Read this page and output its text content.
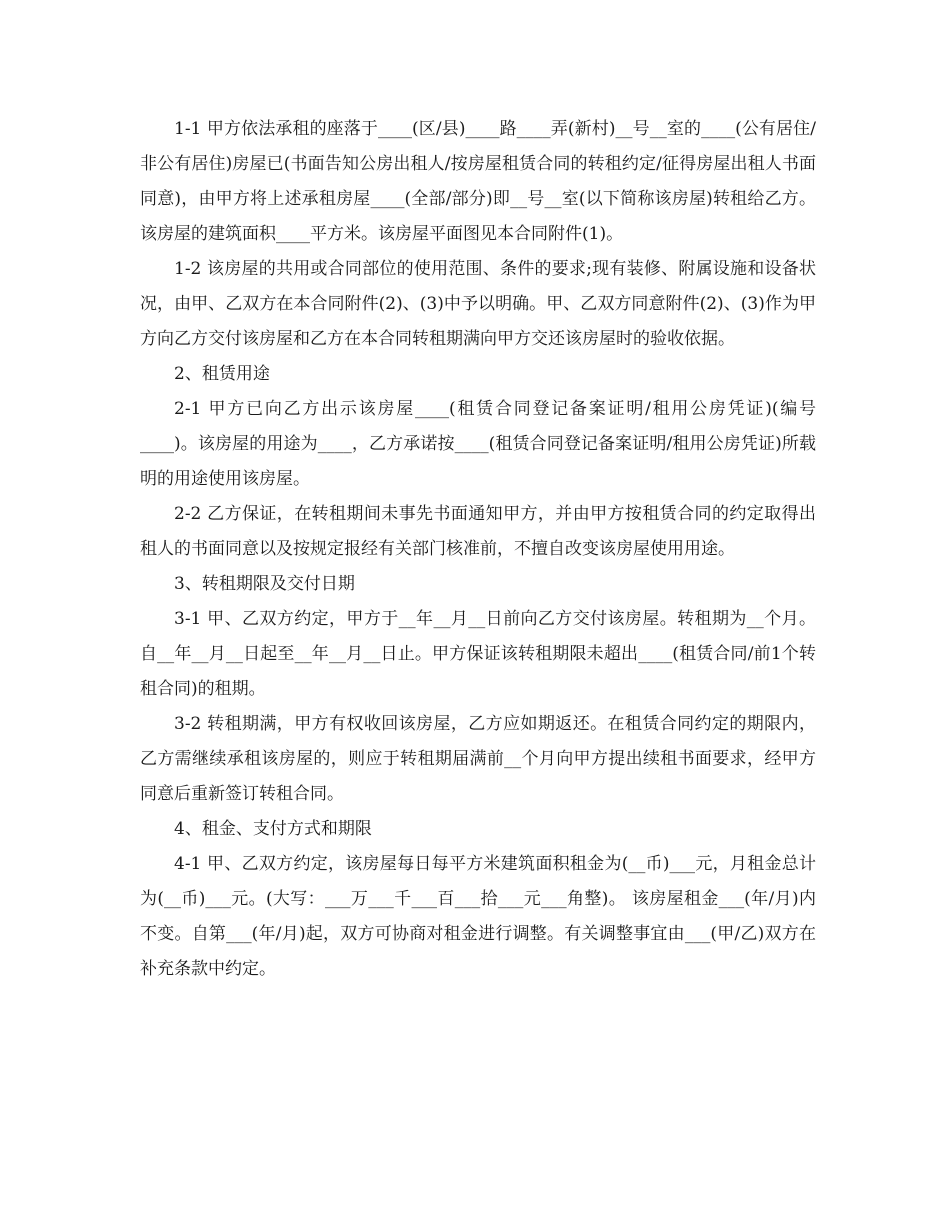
1-1 甲方依法承租的座落于____(区/县)____路____弄(新村)__号__室的____(公有居住/非公有居住)房屋已(书面告知公房出租人/按房屋租赁合同的转租约定/征得房屋出租人书面同意)，由甲方将上述承租房屋____(全部/部分)即__号__室(以下简称该房屋)转租给乙方。该房屋的建筑面积____平方米。该房屋平面图见本合同附件(1)。

1-2 该房屋的共用或合同部位的使用范围、条件的要求;现有装修、附属设施和设备状况，由甲、乙双方在本合同附件(2)、(3)中予以明确。甲、乙双方同意附件(2)、(3)作为甲方向乙方交付该房屋和乙方在本合同转租期满向甲方交还该房屋时的验收依据。

2、租赁用途

2-1 甲方已向乙方出示该房屋____(租赁合同登记备案证明/租用公房凭证)(编号____)。该房屋的用途为____，乙方承诺按____(租赁合同登记备案证明/租用公房凭证)所载明的用途使用该房屋。

2-2 乙方保证，在转租期间未事先书面通知甲方，并由甲方按租赁合同的约定取得出租人的书面同意以及按规定报经有关部门核准前，不擅自改变该房屋使用用途。

3、转租期限及交付日期

3-1 甲、乙双方约定，甲方于__年__月__日前向乙方交付该房屋。转租期为__个月。自__年__月__日起至__年__月__日止。甲方保证该转租期限未超出____(租赁合同/前1个转租合同)的租期。

3-2 转租期满，甲方有权收回该房屋，乙方应如期返还。在租赁合同约定的期限内，乙方需继续承租该房屋的，则应于转租期届满前__个月向甲方提出续租书面要求，经甲方同意后重新签订转租合同。

4、租金、支付方式和期限

4-1 甲、乙双方约定，该房屋每日每平方米建筑面积租金为(__币)___元，月租金总计为(__币)___元。(大写：___万___千___百___拾___元___角整)。 该房屋租金___(年/月)内不变。自第___(年/月)起，双方可协商对租金进行调整。有关调整事宜由___(甲/乙)双方在补充条款中约定。
